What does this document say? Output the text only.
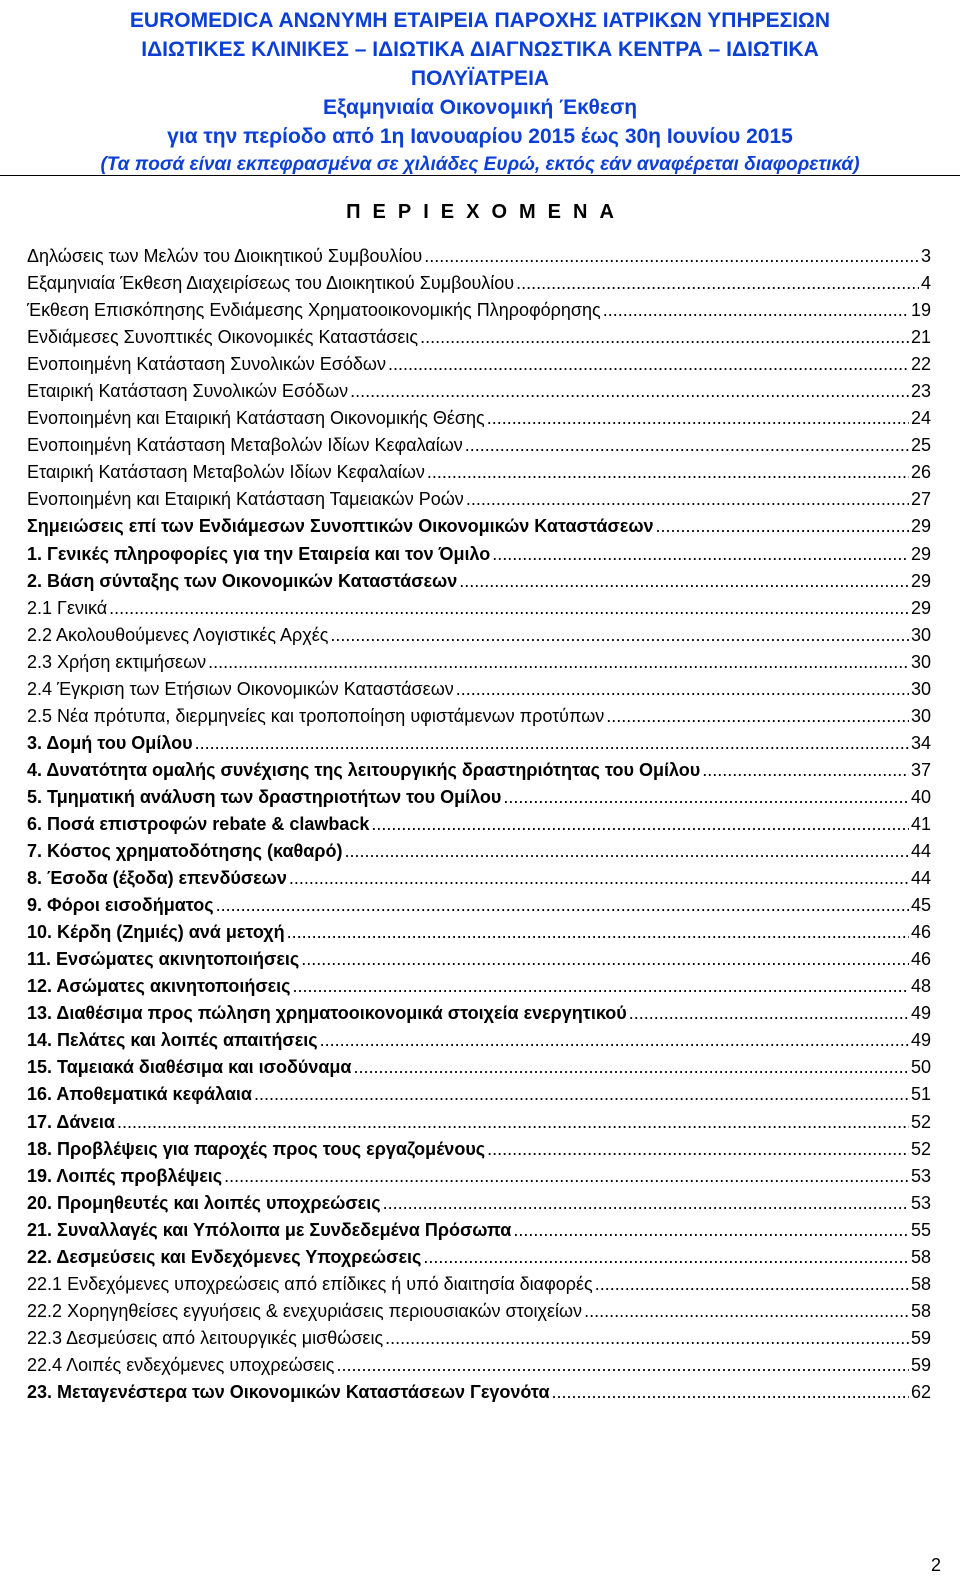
EUROMEDICA ΑΝΩΝΥΜΗ ΕΤΑΙΡΕΙΑ ΠΑΡΟΧΗΣ ΙΑΤΡΙΚΩΝ ΥΠΗΡΕΣΙΩΝ
ΙΔΙΩΤΙΚΕΣ ΚΛΙΝΙΚΕΣ – ΙΔΙΩΤΙΚΑ ΔΙΑΓΝΩΣΤΙΚΑ ΚΕΝΤΡΑ – ΙΔΙΩΤΙΚΑ
ΠΟΛΥΪΑΤΡΕΙΑ
Εξαμηνιαία Οικονομική Έκθεση
για την περίοδο από 1η Ιανουαρίου 2015 έως 30η Ιουνίου 2015
(Τα ποσά είναι εκπεφρασμένα σε χιλιάδες Ευρώ, εκτός εάν αναφέρεται διαφορετικά)
ΠΕΡΙΕΧΟΜΕΝΑ
Δηλώσεις των Μελών του Διοικητικού Συμβουλίου .....	3
Εξαμηνιαία Έκθεση Διαχειρίσεως του Διοικητικού Συμβουλίου .....	4
Έκθεση Επισκόπησης Ενδιάμεσης Χρηματοοικονομικής Πληροφόρησης .....	19
Ενδιάμεσες Συνοπτικές Οικονομικές Καταστάσεις .....	21
Ενοποιημένη Κατάσταση Συνολικών Εσόδων .....	22
Εταιρική Κατάσταση Συνολικών Εσόδων .....	23
Ενοποιημένη και Εταιρική Κατάσταση Οικονομικής Θέσης .....	24
Ενοποιημένη Κατάσταση Μεταβολών Ιδίων Κεφαλαίων .....	25
Εταιρική Κατάσταση Μεταβολών Ιδίων Κεφαλαίων .....	26
Ενοποιημένη και Εταιρική Κατάσταση Ταμειακών Ροών .....	27
Σημειώσεις επί των Ενδιάμεσων Συνοπτικών Οικονομικών Καταστάσεων .....	29
1. Γενικές πληροφορίες για την Εταιρεία και τον Όμιλο .....	29
2. Βάση σύνταξης των Οικονομικών Καταστάσεων .....	29
2.1 Γενικά .....	29
2.2 Ακολουθούμενες Λογιστικές Αρχές .....	30
2.3 Χρήση εκτιμήσεων .....	30
2.4 Έγκριση των Ετήσιων Οικονομικών Καταστάσεων .....	30
2.5 Νέα πρότυπα, διερμηνείες και τροποποίηση υφιστάμενων προτύπων .....	30
3. Δομή του Ομίλου .....	34
4. Δυνατότητα ομαλής συνέχισης της λειτουργικής δραστηριότητας του Ομίλου .....	37
5. Τμηματική ανάλυση των δραστηριοτήτων του Ομίλου .....	40
6. Ποσά επιστροφών rebate & clawback .....	41
7. Κόστος χρηματοδότησης (καθαρό) .....	44
8. Έσοδα (έξοδα) επενδύσεων .....	44
9. Φόροι εισοδήματος .....	45
10. Κέρδη (Ζημιές) ανά μετοχή .....	46
11. Ενσώματες ακινητοποιήσεις .....	46
12. Ασώματες ακινητοποιήσεις .....	48
13. Διαθέσιμα προς πώληση χρηματοοικονομικά στοιχεία ενεργητικού .....	49
14. Πελάτες και λοιπές απαιτήσεις .....	49
15. Ταμειακά διαθέσιμα και ισοδύναμα .....	50
16. Αποθεματικά κεφάλαια .....	51
17. Δάνεια .....	52
18. Προβλέψεις για παροχές προς τους εργαζομένους .....	52
19. Λοιπές προβλέψεις .....	53
20. Προμηθευτές και λοιπές υποχρεώσεις .....	53
21. Συναλλαγές και Υπόλοιπα με Συνδεδεμένα Πρόσωπα .....	55
22. Δεσμεύσεις και Ενδεχόμενες Υποχρεώσεις .....	58
22.1 Ενδεχόμενες υποχρεώσεις από επίδικες ή υπό διαιτησία διαφορές .....	58
22.2 Χορηγηθείσες εγγυήσεις & ενεχυριάσεις περιουσιακών στοιχείων .....	58
22.3 Δεσμεύσεις από λειτουργικές μισθώσεις .....	59
22.4 Λοιπές ενδεχόμενες υποχρεώσεις .....	59
23. Μεταγενέστερα των Οικονομικών Καταστάσεων Γεγονότα .....	62
2
